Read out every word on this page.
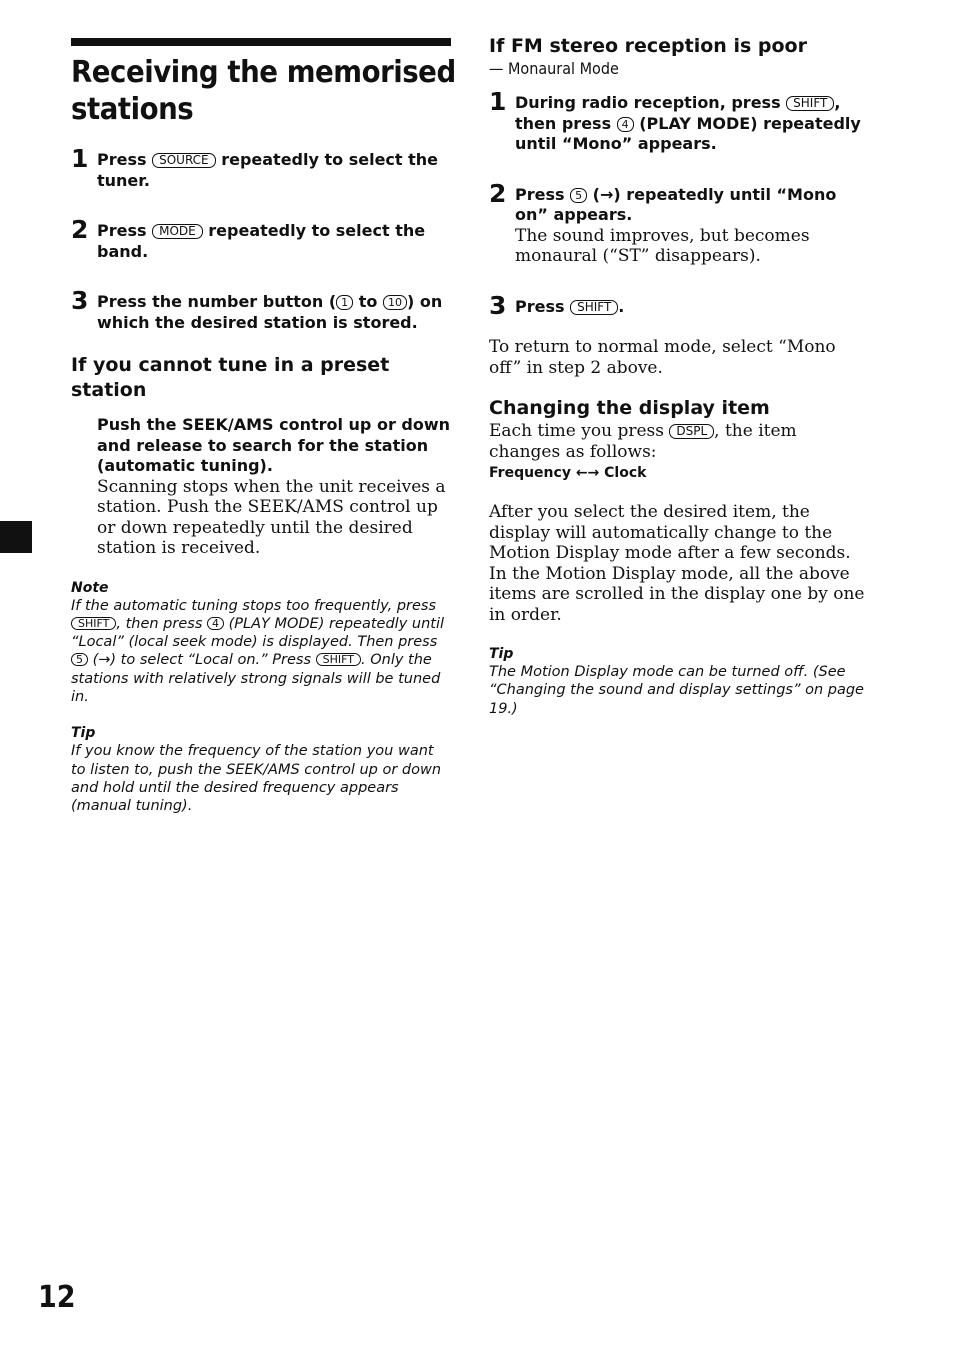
Receiving the memorised stations
1 Press SOURCE repeatedly to select the tuner.
2 Press MODE repeatedly to select the band.
3 Press the number button ( 1 to 10 ) on which the desired station is stored.
If you cannot tune in a preset station
Push the SEEK/AMS control up or down and release to search for the station (automatic tuning).
Scanning stops when the unit receives a station. Push the SEEK/AMS control up or down repeatedly until the desired station is received.
Note
If the automatic tuning stops too frequently, press SHIFT , then press 4 (PLAY MODE) repeatedly until “Local” (local seek mode) is displayed. Then press 5 (→) to select “Local on.” Press SHIFT . Only the stations with relatively strong signals will be tuned in.
Tip
If you know the frequency of the station you want to listen to, push the SEEK/AMS control up or down and hold until the desired frequency appears (manual tuning).
If FM stereo reception is poor
— Monaural Mode
1 During radio reception, press SHIFT , then press 4 (PLAY MODE) repeatedly until “Mono” appears.
2 Press 5 (→) repeatedly until “Mono on” appears.
The sound improves, but becomes monaural (“ST” disappears).
3 Press SHIFT .
To return to normal mode, select “Mono off” in step 2 above.
Changing the display item
Each time you press DSPL , the item changes as follows:
Frequency ←→ Clock
After you select the desired item, the display will automatically change to the Motion Display mode after a few seconds.
In the Motion Display mode, all the above items are scrolled in the display one by one in order.
Tip
The Motion Display mode can be turned off. (See “Changing the sound and display settings” on page 19.)
12
